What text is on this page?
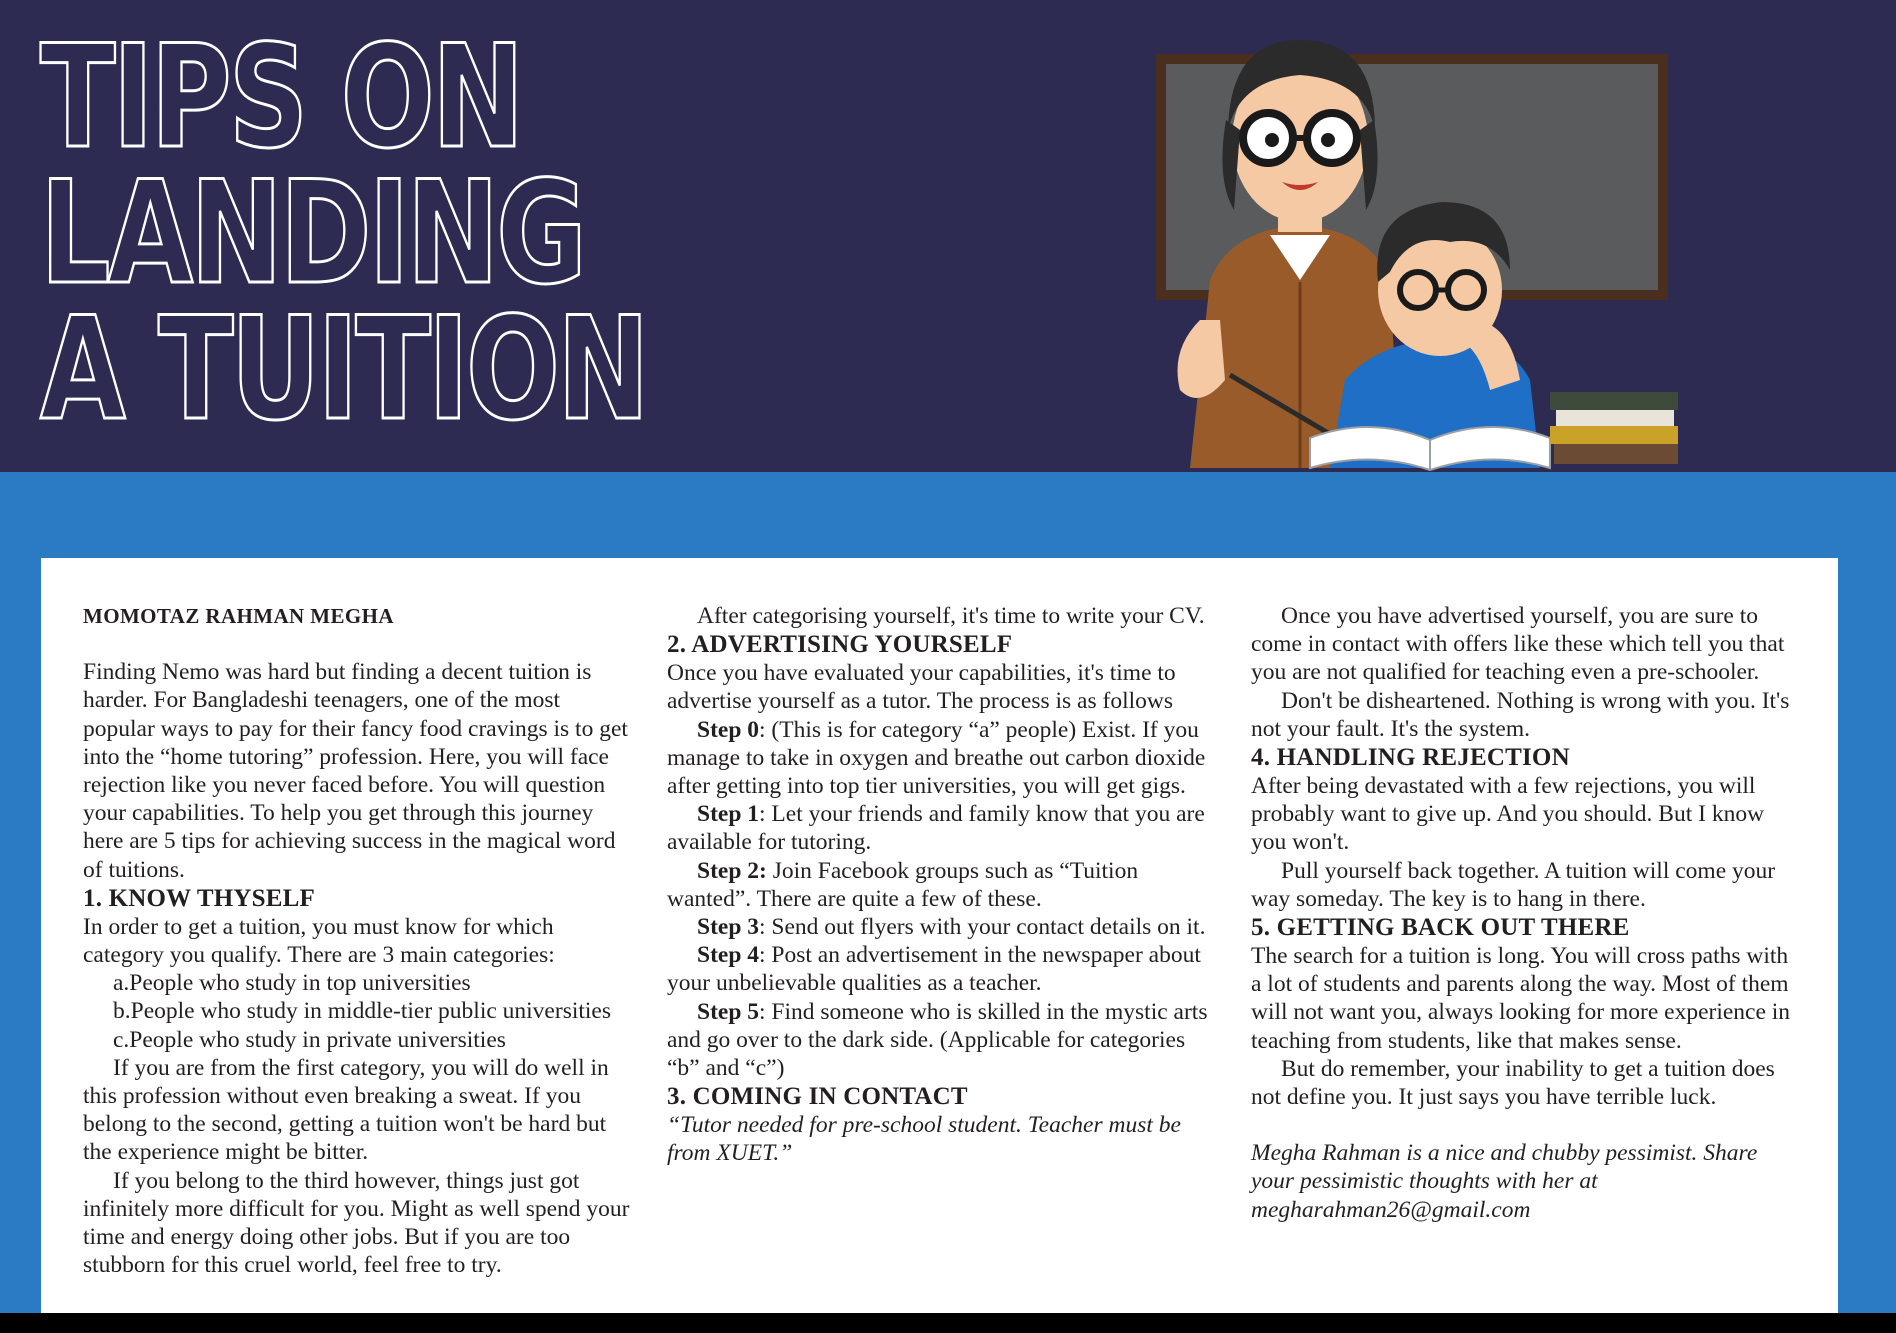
TIPS ON
LANDING
A TUITION

MOMOTAZ RAHMAN MEGHA

Finding Nemo was hard but finding a decent tuition is harder. For Bangladeshi teenagers, one of the most popular ways to pay for their fancy food cravings is to get into the “home tutoring” profession. Here, you will face rejection like you never faced before. You will question your capabilities. To help you get through this journey here are 5 tips for achieving success in the magical word of tuitions.

1. KNOW THYSELF

In order to get a tuition, you must know for which category you qualify. There are 3 main categories:

a.People who study in top universities

b.People who study in middle-tier public universities

c.People who study in private universities

If you are from the first category, you will do well in this profession without even breaking a sweat. If you belong to the second, getting a tuition won't be hard but the experience might be bitter.

If you belong to the third however, things just got infinitely more difficult for you. Might as well spend your time and energy doing other jobs. But if you are too stubborn for this cruel world, feel free to try.

After categorising yourself, it's time to write your CV.

2. ADVERTISING YOURSELF

Once you have evaluated your capabilities, it's time to advertise yourself as a tutor. The process is as follows

Step 0: (This is for category “a” people) Exist. If you manage to take in oxygen and breathe out carbon dioxide after getting into top tier universities, you will get gigs.

Step 1: Let your friends and family know that you are available for tutoring.

Step 2: Join Facebook groups such as “Tuition wanted”. There are quite a few of these.

Step 3: Send out flyers with your contact details on it.

Step 4: Post an advertisement in the newspaper about your unbelievable qualities as a teacher.

Step 5: Find someone who is skilled in the mystic arts and go over to the dark side. (Applicable for categories “b” and “c”)

3. COMING IN CONTACT

“Tutor needed for pre-school student. Teacher must be from XUET.”

Once you have advertised yourself, you are sure to come in contact with offers like these which tell you that you are not qualified for teaching even a pre-schooler.

Don't be disheartened. Nothing is wrong with you. It's not your fault. It's the system.

4. HANDLING REJECTION

After being devastated with a few rejections, you will probably want to give up. And you should. But I know you won't.

Pull yourself back together. A tuition will come your way someday. The key is to hang in there.

5. GETTING BACK OUT THERE

The search for a tuition is long. You will cross paths with a lot of students and parents along the way. Most of them will not want you, always looking for more experience in teaching from students, like that makes sense.

But do remember, your inability to get a tuition does not define you. It just says you have terrible luck.

Megha Rahman is a nice and chubby pessimist. Share your pessimistic thoughts with her at megharahman26@gmail.com
